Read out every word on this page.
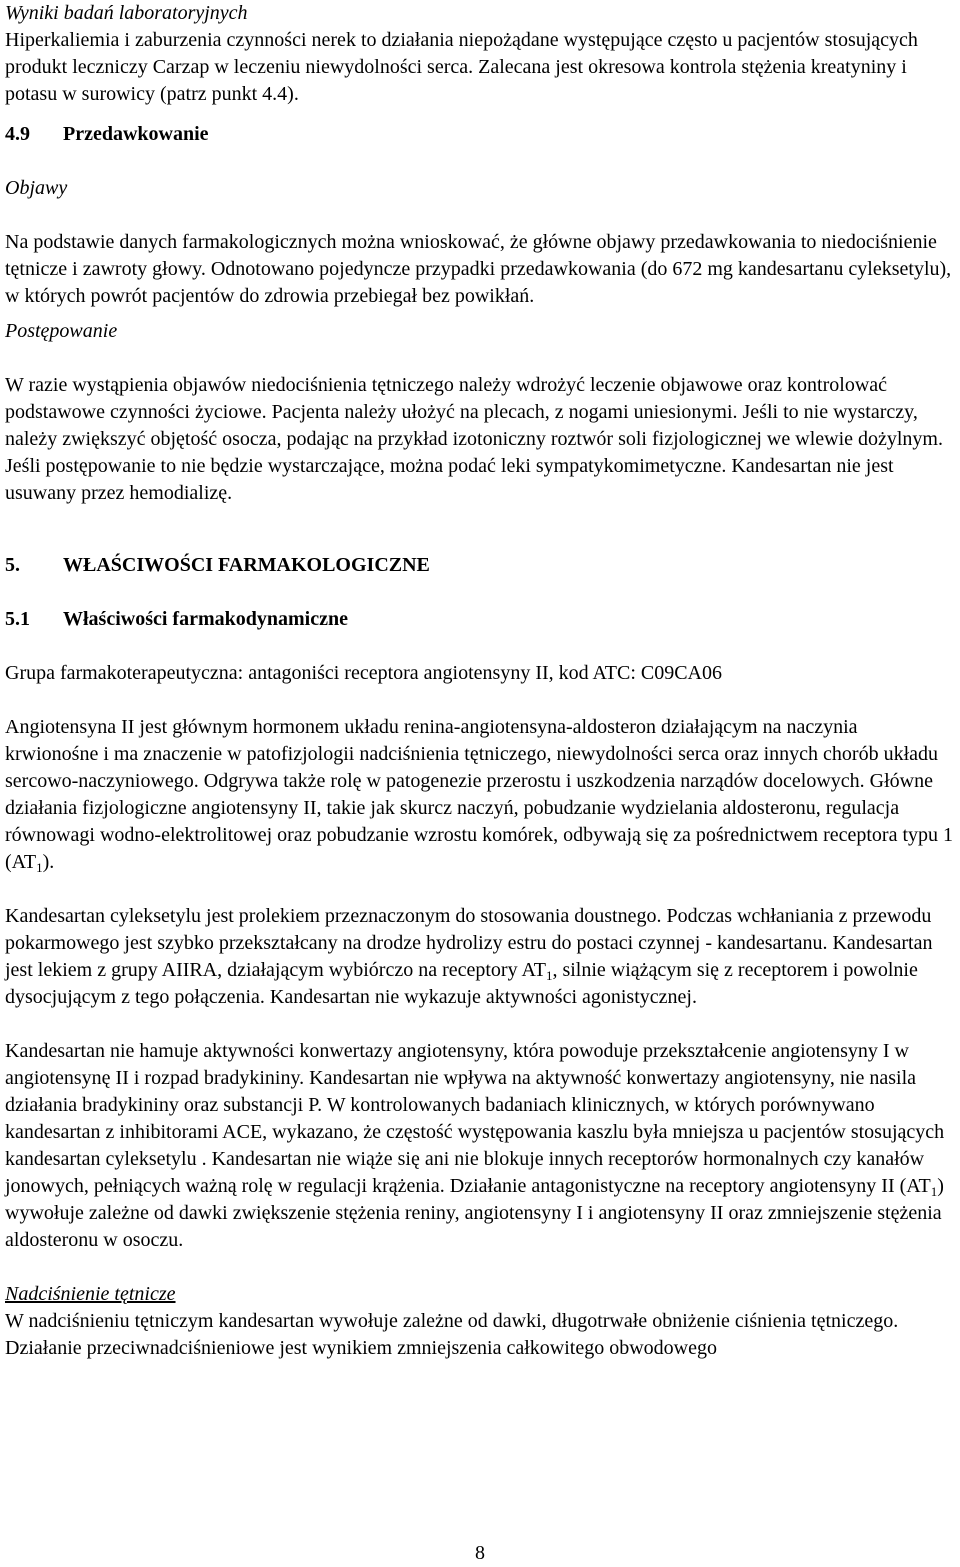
Wyniki badań laboratoryjnych

Hiperkaliemia i zaburzenia czynności nerek to działania niepożądane występujące często u pacjentów stosujących produkt leczniczy Carzap w leczeniu niewydolności serca. Zalecana jest okresowa kontrola stężenia kreatyniny i potasu w surowicy (patrz punkt 4.4).

4.9	Przedawkowanie

Objawy

Na podstawie danych farmakologicznych można wnioskować, że główne objawy przedawkowania to niedociśnienie tętnicze i zawroty głowy. Odnotowano pojedyncze przypadki przedawkowania (do 672 mg kandesartanu cyleksetylu), w których powrót pacjentów do zdrowia przebiegał bez powikłań.

Postępowanie

W razie wystąpienia objawów niedociśnienia tętniczego należy wdrożyć leczenie objawowe oraz kontrolować podstawowe czynności życiowe. Pacjenta należy ułożyć na plecach, z nogami uniesionymi. Jeśli to nie wystarczy, należy zwiększyć objętość osocza, podając na przykład izotoniczny roztwór soli fizjologicznej we wlewie dożylnym. Jeśli postępowanie to nie będzie wystarczające, można podać leki sympatykomimetyczne. Kandesartan nie jest usuwany przez hemodializę.

5.	WŁAŚCIWOŚCI FARMAKOLOGICZNE

5.1	Właściwości farmakodynamiczne

Grupa farmakoterapeutyczna: antagoniści receptora angiotensyny II, kod ATC: C09CA06

Angiotensyna II jest głównym hormonem układu renina-angiotensyna-aldosteron działającym na naczynia krwionośne i ma znaczenie w patofizjologii nadciśnienia tętniczego, niewydolności serca oraz innych chorób układu sercowo-naczyniowego. Odgrywa także rolę w patogenezie przerostu i uszkodzenia narządów docelowych. Główne działania fizjologiczne angiotensyny II, takie jak skurcz naczyń, pobudzanie wydzielania aldosteronu, regulacja równowagi wodno-elektrolitowej oraz pobudzanie wzrostu komórek, odbywają się za pośrednictwem receptora typu 1 $(AT_1)$.

Kandesartan cyleksetylu jest prolekiem przeznaczonym do stosowania doustnego. Podczas wchłaniania z przewodu pokarmowego jest szybko przekształcany na drodze hydrolizy estru do postaci czynnej - kandesartanu. Kandesartan jest lekiem z grupy AIIRA, działającym wybiórczo na receptory $AT_1$, silnie wiążącym się z receptorem i powolnie dysocjującym z tego połączenia. Kandesartan nie wykazuje aktywności agonistycznej.

Kandesartan nie hamuje aktywności konwertazy angiotensyny, która powoduje przekształcenie angiotensyny I w angiotensynę II i rozpad bradykininy. Kandesartan nie wpływa na aktywność konwertazy angiotensyny, nie nasila działania bradykininy oraz substancji P. W kontrolowanych badaniach klinicznych, w których porównywano kandesartan z inhibitorami ACE, wykazano, że częstość występowania kaszlu była mniejsza u pacjentów stosujących kandesartan cyleksetylu . Kandesartan nie wiąże się ani nie blokuje innych receptorów hormonalnych czy kanałów jonowych, pełniących ważną rolę w regulacji krążenia. Działanie antagonistyczne na receptory angiotensyny II $(AT_1)$ wywołuje zależne od dawki zwiększenie stężenia reniny, angiotensyny I i angiotensyny II oraz zmniejszenie stężenia aldosteronu w osoczu.

Nadciśnienie tętnicze

W nadciśnieniu tętniczym kandesartan wywołuje zależne od dawki, długotrwałe obniżenie ciśnienia tętniczego. Działanie przeciwnadciśnieniowe jest wynikiem zmniejszenia całkowitego obwodowego

8
